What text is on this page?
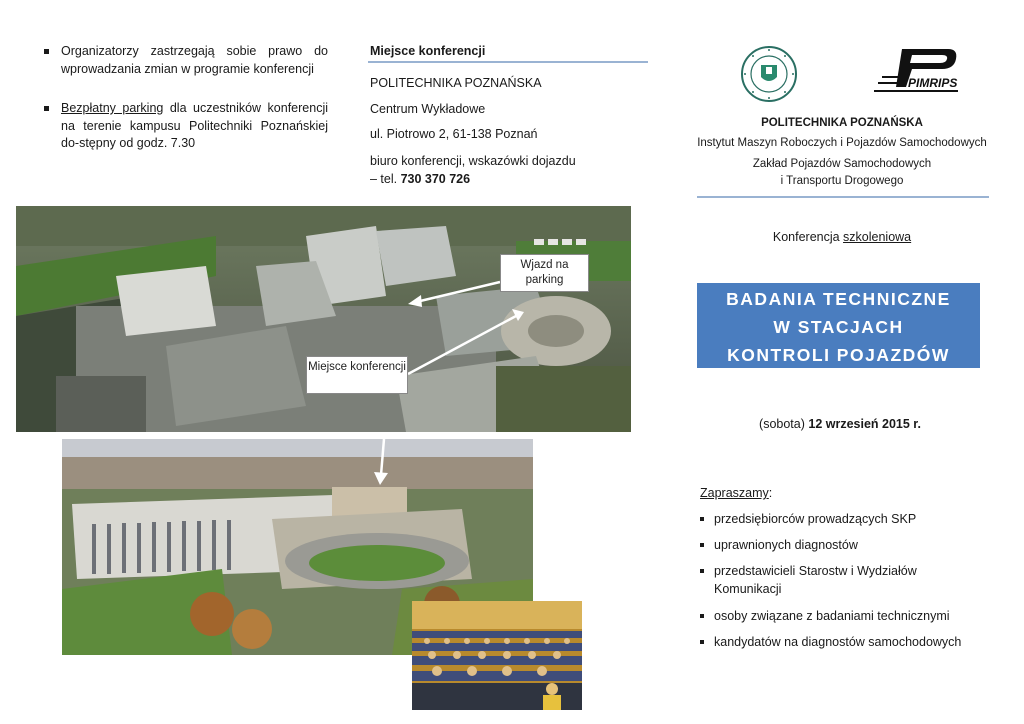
Organizatorzy zastrzegają sobie prawo do wprowadzania zmian w programie konferencji
Bezpłatny parking dla uczestników konferencji na terenie kampusu Politechniki Poznańskiej do-stępny od godz. 7.30
Miejsce konferencji
POLITECHNIKA POZNAŃSKA
Centrum Wykładowe
ul. Piotrowo 2, 61-138 Poznań
biuro konferencji, wskazówki dojazdu
– tel. 730 370 726
Wjazd na parking
Miejsce konferencji
PIMRIPS
POLITECHNIKA POZNAŃSKA
Instytut Maszyn Roboczych i Pojazdów Samochodowych
Zakład Pojazdów Samochodowych
i Transportu Drogowego
Konferencja szkoleniowa
BADANIA TECHNICZNE
W STACJACH
KONTROLI POJAZDÓW
(sobota) 12 wrzesień 2015 r.
Zapraszamy:
przedsiębiorców prowadzących SKP
uprawnionych diagnostów
przedstawicieli Starostw i Wydziałów Komunikacji
osoby związane z badaniami technicznymi
kandydatów na diagnostów samochodowych
